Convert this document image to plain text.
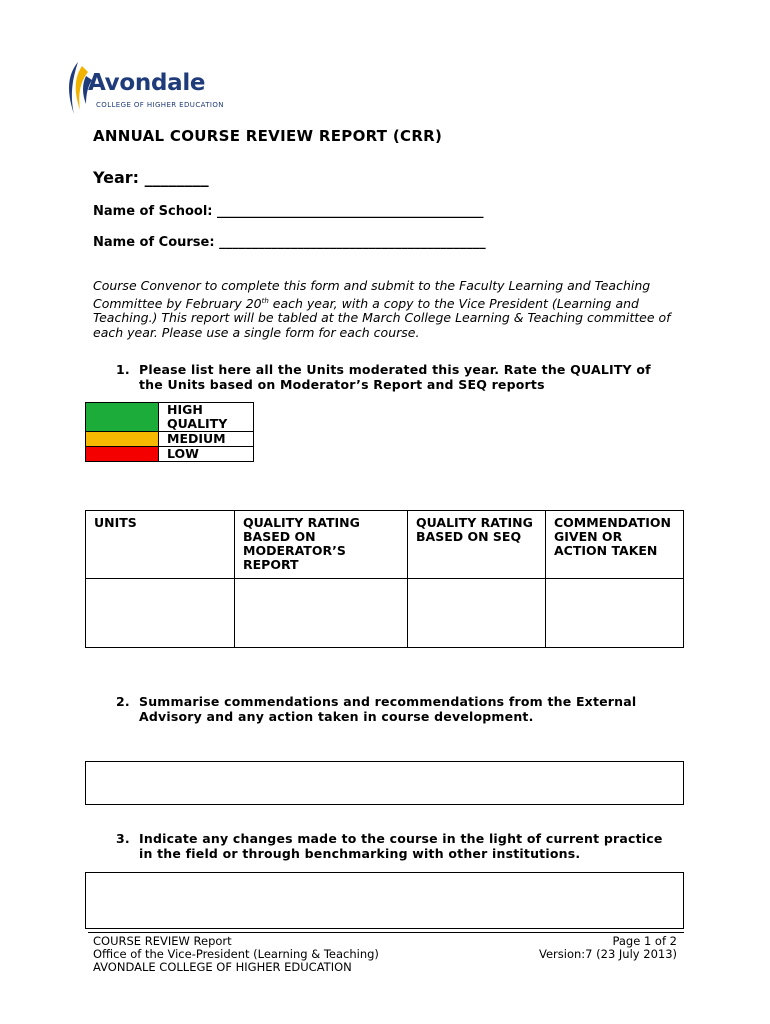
Avondale
COLLEGE OF HIGHER EDUCATION
ANNUAL COURSE REVIEW REPORT (CRR)
Year: ________
Name of School: _________________________________________
Name of Course: _________________________________________
Course Convenor to complete this form and submit to the Faculty Learning and Teaching Committee by February 20th each year, with a copy to the Vice President (Learning and Teaching.) This report will be tabled at the March College Learning & Teaching committee of each year. Please use a single form for each course.
1. Please list here all the Units moderated this year. Rate the QUALITY of the Units based on Moderator’s Report and SEQ reports
	HIGH QUALITY
	MEDIUM
	LOW
UNITS	QUALITY RATING BASED ON MODERATOR’S REPORT	QUALITY RATING BASED ON SEQ	COMMENDATION GIVEN OR ACTION TAKEN

2. Summarise commendations and recommendations from the External Advisory and any action taken in course development.
3. Indicate any changes made to the course in the light of current practice in the field or through benchmarking with other institutions.
COURSE REVIEW Report
Office of the Vice-President (Learning & Teaching)
AVONDALE COLLEGE OF HIGHER EDUCATION
Page 1 of 2
Version:7 (23 July 2013)
